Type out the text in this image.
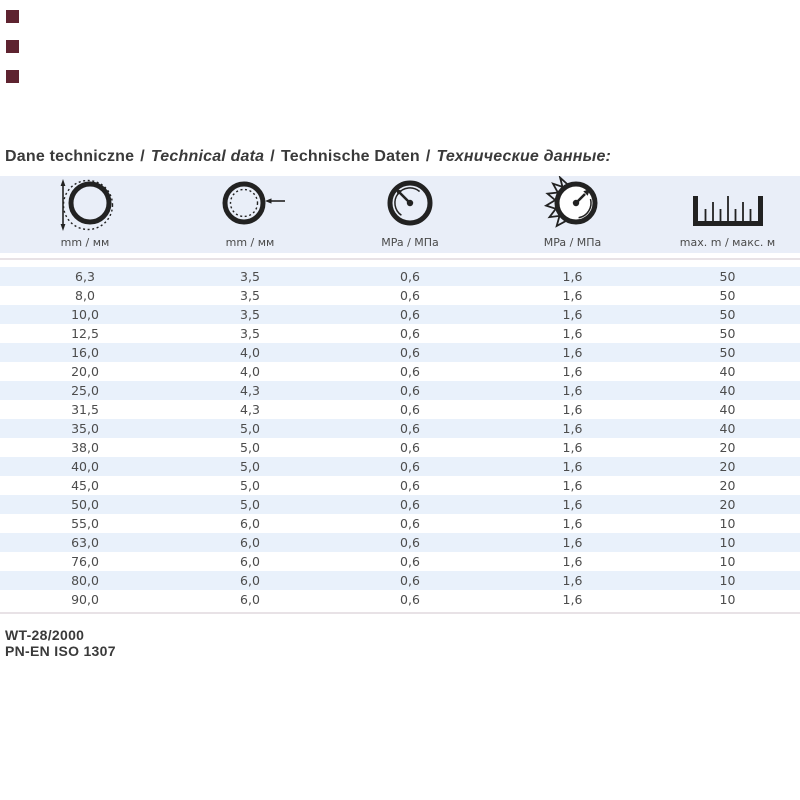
Dane techniczne / Technical data / Technische Daten / Технические данные:
mm / мм	mm / мм	MPa / МПа	MPa / МПа	max. m / макс. м
6,3	3,5	0,6	1,6	50
8,0	3,5	0,6	1,6	50
10,0	3,5	0,6	1,6	50
12,5	3,5	0,6	1,6	50
16,0	4,0	0,6	1,6	50
20,0	4,0	0,6	1,6	40
25,0	4,3	0,6	1,6	40
31,5	4,3	0,6	1,6	40
35,0	5,0	0,6	1,6	40
38,0	5,0	0,6	1,6	20
40,0	5,0	0,6	1,6	20
45,0	5,0	0,6	1,6	20
50,0	5,0	0,6	1,6	20
55,0	6,0	0,6	1,6	10
63,0	6,0	0,6	1,6	10
76,0	6,0	0,6	1,6	10
80,0	6,0	0,6	1,6	10
90,0	6,0	0,6	1,6	10
WT-28/2000
PN-EN ISO 1307
